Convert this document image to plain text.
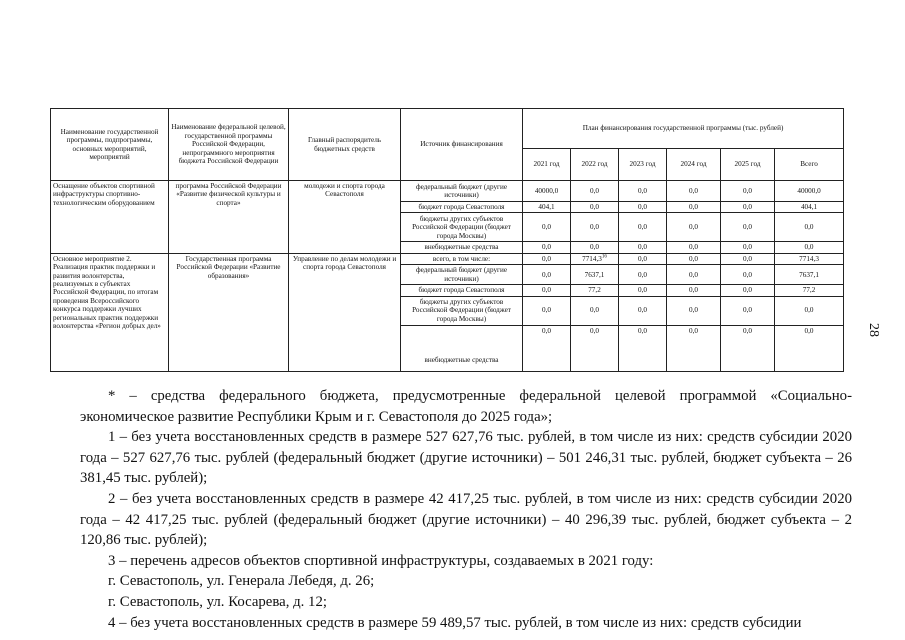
Наименование государственной программы, подпрограммы, основных мероприятий, мероприятий	Наименование федеральной целевой, государственной программы Российской Федерации, непрограммного мероприятия бюджета Российской Федерации	Главный распорядитель бюджетных средств	Источник финансирования	План финансирования государственной программы (тыс. рублей)					
				2021 год	2022 год	2023 год	2024 год	2025 год	Всего
Оснащение объектов спортивной инфраструктуры спортивно-технологическим оборудованием	программа Российской Федерации «Развитие физической культуры и спорта»	молодежи и спорта города Севастополя	федеральный бюджет (другие источники)	40000,0	0,0	0,0	0,0	0,0	40000,0
			бюджет города Севастополя	404,1	0,0	0,0	0,0	0,0	404,1
			бюджеты других субъектов Российской Федерации (бюджет города Москвы)	0,0	0,0	0,0	0,0	0,0	0,0
			внебюджетные средства	0,0	0,0	0,0	0,0	0,0	0,0
Основное мероприятие 2. Реализация практик поддержки и развития волонтерства, реализуемых в субъектах Российской Федерации, по итогам проведения Всероссийского конкурса поддержки лучших региональных практик поддержки волонтерства «Регион добрых дел»	Государственная программа Российской Федерации «Развитие образования»	Управление по делам молодежи и спорта города Севастополя	всего, в том числе:	0,0	7714,3$^{16}$	0,0	0,0	0,0	7714,3
			федеральный бюджет (другие источники)	0,0	7637,1	0,0	0,0	0,0	7637,1
			бюджет города Севастополя	0,0	77,2	0,0	0,0	0,0	77,2
			бюджеты других субъектов Российской Федерации (бюджет города Москвы)	0,0	0,0	0,0	0,0	0,0	0,0
			внебюджетные средства	0,0	0,0	0,0	0,0	0,0	0,0	28

* – средства федерального бюджета, предусмотренные федеральной целевой программой «Социально-экономическое развитие Республики Крым и г. Севастополя до 2025 года»;

1 – без учета восстановленных средств в размере 527 627,76 тыс. рублей, в том числе из них: средств субсидии 2020 года – 527 627,76 тыс. рублей (федеральный бюджет (другие источники) – 501 246,31 тыс. рублей, бюджет субъекта – 26 381,45 тыс. рублей);

2 – без учета восстановленных средств в размере 42 417,25 тыс. рублей, в том числе из них: средств субсидии 2020 года – 42 417,25 тыс. рублей (федеральный бюджет (другие источники) – 40 296,39 тыс. рублей, бюджет субъекта – 2 120,86 тыс. рублей);

3 – перечень адресов объектов спортивной инфраструктуры, создаваемых в 2021 году:

г. Севастополь, ул. Генерала Лебедя, д. 26;

г. Севастополь, ул. Косарева, д. 12;

4 – без учета восстановленных средств в размере 59 489,57 тыс. рублей, в том числе из них: средств субсидии
